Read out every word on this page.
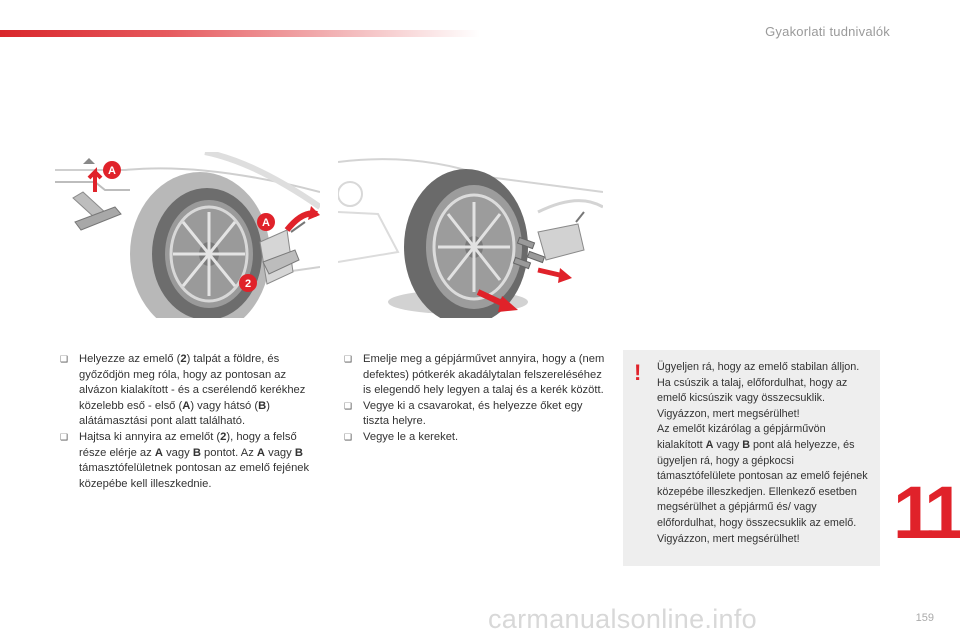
Gyakorlati tudnivalók
A
A
2
❑ Helyezze az emelő (2) talpát a földre, és győződjön meg róla, hogy az pontosan az alvázon kialakított - és a cserélendő kerékhez közelebb eső - első (A) vagy hátsó (B) alátámasztási pont alatt található.
❑ Hajtsa ki annyira az emelőt (2), hogy a felső része elérje az A vagy B pontot. Az A vagy B támasztófelületnek pontosan az emelő fejének közepébe kell illeszkednie.
❑ Emelje meg a gépjárművet annyira, hogy a (nem defektes) pótkerék akadálytalan felszereléséhez is elegendő hely legyen a talaj és a kerék között.
❑ Vegye ki a csavarokat, és helyezze őket egy tiszta helyre.
❑ Vegye le a kereket.
! Ügyeljen rá, hogy az emelő stabilan álljon. Ha csúszik a talaj, előfordulhat, hogy az emelő kicsúszik vagy összecsuklik. Vigyázzon, mert megsérülhet!
Az emelőt kizárólag a gépjárművön kialakított A vagy B pont alá helyezze, és ügyeljen rá, hogy a gépkocsi támasztófelülete pontosan az emelő fejének közepébe illeszkedjen. Ellenkező esetben megsérülhet a gépjármű és/ vagy előfordulhat, hogy összecsuklik az emelő. Vigyázzon, mert megsérülhet!	11
carmanualsonline.info	159
